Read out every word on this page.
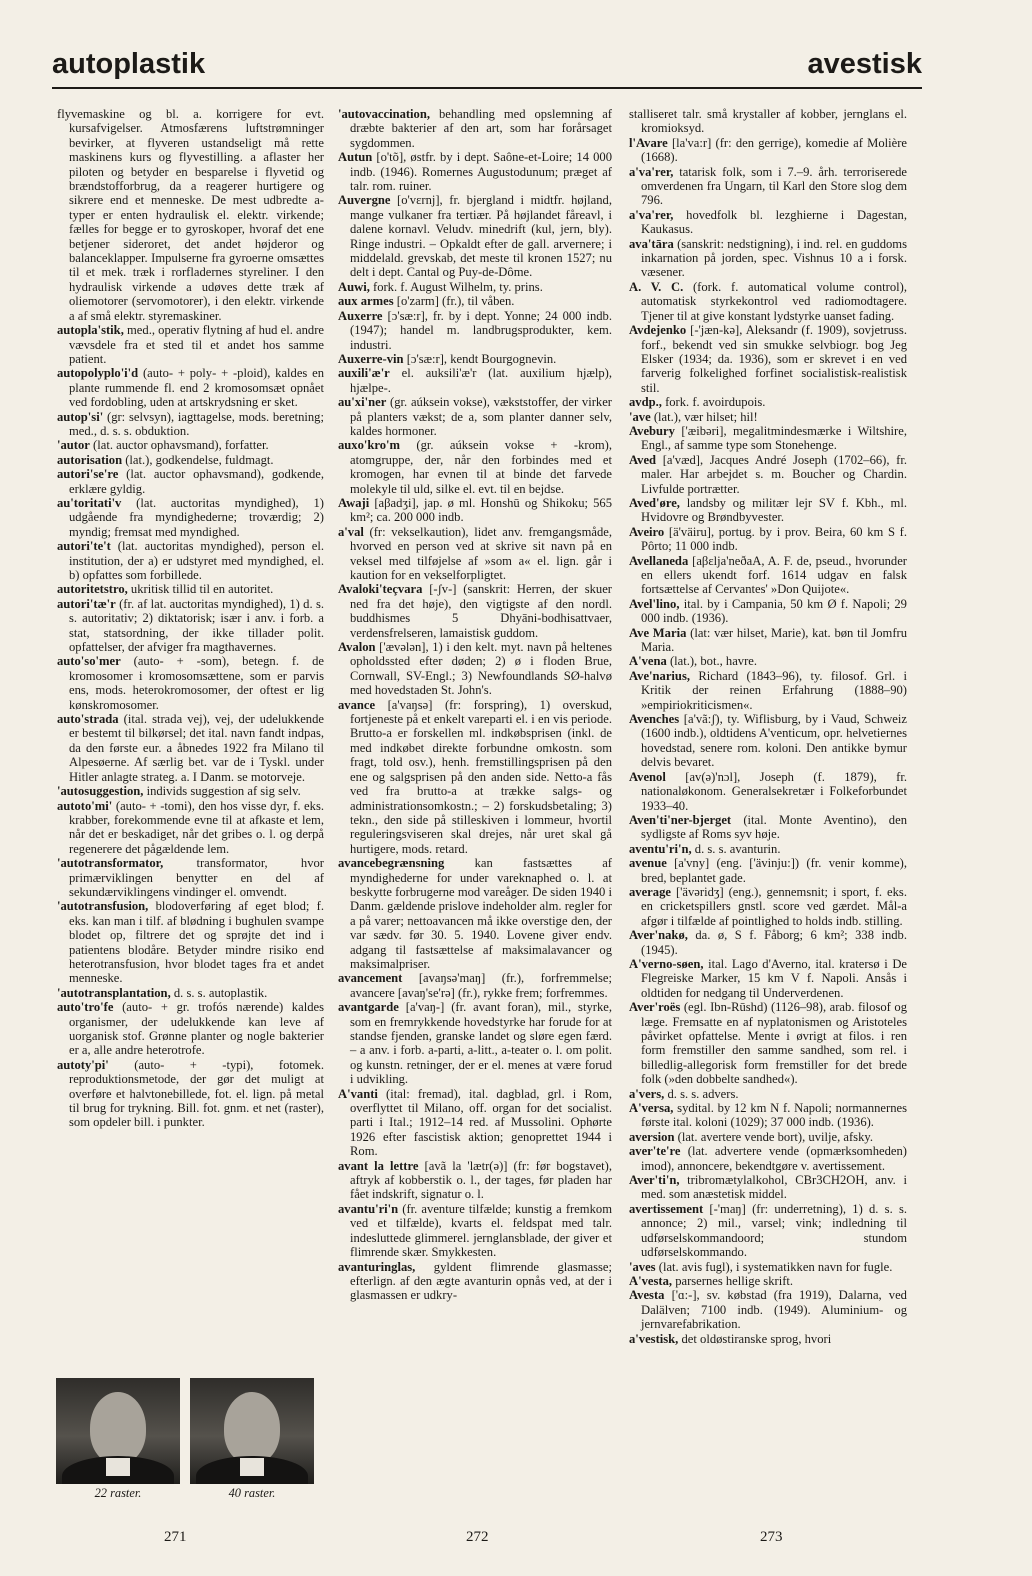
autoplastik	avestisk

flyvemaskine og bl. a. korrigere for evt. kursafvigelser. Atmosfærens luftstrømninger bevirker, at flyveren ustandseligt må rette maskinens kurs og flyvestilling. a aflaster her piloten og betyder en besparelse i flyvetid og brændstofforbrug, da a reagerer hurtigere og sikrere end et menneske. De mest udbredte a-typer er enten hydraulisk el. elektr. virkende; fælles for begge er to gyroskoper, hvoraf det ene betjener sideroret, det andet højderor og balanceklapper. Impulserne fra gyroerne omsættes til et mek. træk i rorfladernes styreliner. I den hydraulisk virkende a udøves dette træk af oliemotorer (servomotorer), i den elektr. virkende a af små elektr. styremaskiner.

autopla'stik, med., operativ flytning af hud el. andre vævsdele fra et sted til et andet hos samme patient.

autopolyplo'i'd (auto- + poly- + -ploid), kaldes en plante rummende fl. end 2 kromosomsæt opnået ved fordobling, uden at artskrydsning er sket.

autop'si' (gr: selvsyn), iagttagelse, mods. beretning; med., d. s. s. obduktion.

'autor (lat. auctor ophavsmand), forfatter.

autorisation (lat.), godkendelse, fuldmagt.

autori'se're (lat. auctor ophavsmand), godkende, erklære gyldig.

au'toritati'v (lat. auctoritas myndighed), 1) udgående fra myndighederne; troværdig; 2) myndig; fremsat med myndighed.

autori'te't (lat. auctoritas myndighed), person el. institution, der a) er udstyret med myndighed, el. b) opfattes som forbillede.

autoritetstro, ukritisk tillid til en autoritet.

autori'tæ'r (fr. af lat. auctoritas myndighed), 1) d. s. s. autoritativ; 2) diktatorisk; især i anv. i forb. a stat, statsordning, der ikke tillader polit. opfattelser, der afviger fra magthavernes.

auto'so'mer (auto- + -som), betegn. f. de kromosomer i kromosomsættene, som er parvis ens, mods. heterokromosomer, der oftest er lig kønskromosomer.

auto'strada (ital. strada vej), vej, der udelukkende er bestemt til bilkørsel; det ital. navn fandt indpas, da den første eur. a åbnedes 1922 fra Milano til Alpesøerne. Af særlig bet. var de i Tyskl. under Hitler anlagte strateg. a. I Danm. se motorveje.

'autosuggestion, individs suggestion af sig selv.

autoto'mi' (auto- + -tomi), den hos visse dyr, f. eks. krabber, forekommende evne til at afkaste et lem, når det er beskadiget, når det gribes o. l. og derpå regenerere det pågældende lem.

'autotransformator,	transformator, hvor primærviklingen benytter en del af sekundærviklingens vindinger el. omvendt.

'autotransfusion, blodoverføring af eget blod; f. eks. kan man i tilf. af blødning i bughulen svampe blodet op, filtrere det og sprøjte det ind i patientens blodåre. Betyder mindre risiko end heterotransfusion, hvor blodet tages fra et andet menneske.

'autotransplantation, d. s. s. autoplastik.

auto'tro'fe (auto- + gr. trofós nærende) kaldes organismer, der udelukkende kan leve af uorganisk stof. Grønne planter og nogle bakterier er a, alle andre heterotrofe.

autoty'pi' (auto- + -typi), fotomek. reproduktionsmetode, der gør det muligt at overføre et halvtonebillede, fot. el. lign. på metal til brug for trykning. Bill. fot. gnm. et net (raster), som opdeler bill. i punkter.

'autovaccination, behandling med opslemning af dræbte bakterier af den art, som har forårsaget sygdommen.

Autun [o'tõ], østfr. by i dept. Saône-et-Loire; 14 000 indb. (1946). Romernes Augustodunum; præget af talr. rom. ruiner.

Auvergne [o'vɛrnj], fr. bjergland i midtfr. højland, mange vulkaner fra tertiær. På højlandet fåreavl, i dalene kornavl. Veludv. minedrift (kul, jern, bly). Ringe industri. – Opkaldt efter de gall. arvernere; i middelald. grevskab, det meste til kronen 1527; nu delt i dept. Cantal og Puy-de-Dôme.

Auwi, fork. f. August Wilhelm, ty. prins.

aux armes [o'zarm] (fr.), til våben.

Auxerre [ɔ'sæ:r], fr. by i dept. Yonne; 24 000 indb. (1947); handel m. landbrugsprodukter, kem. industri.

Auxerre-vin [ɔ'sæ:r], kendt Bourgognevin.

auxili'æ'r el. auksili'æ'r (lat. auxilium hjælp), hjælpe-.

au'xi'ner (gr. aúksein vokse), vækststoffer, der virker på planters vækst; de a, som planter danner selv, kaldes hormoner.

auxo'kro'm (gr. aúksein vokse + -krom), atomgruppe, der, når den forbindes med et kromogen, har evnen til at binde det farvede molekyle til uld, silke el. evt. til en bejdse.

Awaji [aβadʒi], jap. ø ml. Honshū og Shikoku; 565 km²; ca. 200 000 indb.

a'val (fr: vekselkaution), lidet anv. fremgangsmåde, hvorved en person ved at skrive sit navn på en veksel med tilføjelse af »som a« el. lign. går i kaution for en vekselforpligtet.

Avaloki'teçvara [-ʃv-] (sanskrit: Herren, der skuer ned fra det høje), den vigtigste af den nordl. buddhismes 5 Dhyāni-bodhisattvaer, verdensfrelseren, lamaistisk guddom.

Avalon ['ævələn], 1) i den kelt. myt. navn på heltenes opholdssted efter døden; 2) ø i floden Brue, Cornwall, SV-Engl.; 3) Newfoundlands SØ-halvø med hovedstaden St. John's.

avance [a'vaŋsə] (fr: forspring), 1) overskud, fortjeneste på et enkelt vareparti el. i en vis periode. Brutto-a er forskellen ml. indkøbsprisen (inkl. de med indkøbet direkte forbundne omkostn. som fragt, told osv.), henh. fremstillingsprisen på den ene og salgsprisen på den anden side. Netto-a fås ved fra brutto-a at trække salgs- og administrationsomkostn.; – 2) forskudsbetaling; 3) tekn., den side på stilleskiven i lommeur, hvortil reguleringsviseren skal drejes, når uret skal gå hurtigere, mods. retard.

avancebegrænsning kan fastsættes af myndighederne for under vareknaphed o. l. at beskytte forbrugerne mod vareåger. De siden 1940 i Danm. gældende prislove indeholder alm. regler for a på varer; nettoavancen må ikke overstige den, der var sædv. før 30. 5. 1940. Lovene giver endv. adgang til fastsættelse af maksimalavancer og maksimalpriser.

avancement [avaŋsə'maŋ] (fr.), forfremmelse; avancere [avaŋ'se'rə] (fr.), rykke frem; forfremmes.

avantgarde [a'vaŋ-] (fr. avant foran), mil., styrke, som en fremrykkende hovedstyrke har forude for at standse fjenden, granske landet og sløre egen færd. – a anv. i forb. a-parti, a-litt., a-teater o. l. om polit. og kunstn. retninger, der er el. menes at være forud i udvikling.

A'vanti (ital: fremad), ital. dagblad, grl. i Rom, overflyttet til Milano, off. organ for det socialist. parti i Ital.; 1912–14 red. af Mussolini. Ophørte 1926 efter fascistisk aktion; genoprettet 1944 i Rom.

avant la lettre [avã la 'lætr(ə)] (fr: før bogstavet), aftryk af kobberstik o. l., der tages, før pladen har fået indskrift, signatur o. l.

avantu'ri'n (fr. aventure tilfælde; kunstig a fremkom ved et tilfælde), kvarts el. feldspat med talr. indesluttede glimmerel. jernglansblade, der giver et flimrende skær. Smykkesten.

avanturinglas, gyldent flimrende glasmasse; efterlign. af den ægte avanturin opnås ved, at der i glasmassen er udkry-

stalliseret talr. små krystaller af kobber, jernglans el. kromioksyd.

l'Avare [la'va:r] (fr: den gerrige), komedie af Molière (1668).

a'va'rer, tatarisk folk, som i 7.–9. årh. terroriserede omverdenen fra Ungarn, til Karl den Store slog dem 796.

a'va'rer, hovedfolk bl. lezghierne i Dagestan, Kaukasus.

ava'tāra (sanskrit: nedstigning), i ind. rel. en guddoms inkarnation på jorden, spec. Vishnus 10 a i forsk. væsener.

A. V. C. (fork. f. automatical volume control), automatisk styrkekontrol ved radiomodtagere. Tjener til at give konstant lydstyrke uanset fading.

Avdejenko [-'jæn-kə], Aleksandr (f. 1909), sovjetruss. forf., bekendt ved sin smukke selvbiogr. bog Jeg Elsker (1934; da. 1936), som er skrevet i en ved farverig folkelighed forfinet socialistisk-realistisk stil.

avdp., fork. f. avoirdupois.

'ave (lat.), vær hilset; hil!

Avebury ['æibəri], megalitmindesmærke i Wiltshire, Engl., af samme type som Stonehenge.

Aved [a'væd], Jacques André Joseph (1702–66), fr. maler. Har arbejdet s. m. Boucher og Chardin. Livfulde portrætter.

Aved'øre, landsby og militær lejr SV f. Kbh., ml. Hvidovre og Brøndbyvester.

Aveiro [ä'väiru], portug. by i prov. Beira, 60 km S f. Pôrto; 11 000 indb.

Avellaneda [aβɛlja'neðaA, A. F. de, pseud., hvorunder en ellers ukendt forf. 1614 udgav en falsk fortsættelse af Cervantes' »Don Quijote«.

Avel'lino, ital. by i Campania, 50 km Ø f. Napoli; 29 000 indb. (1936).

Ave Maria (lat: vær hilset, Marie), kat. bøn til Jomfru Maria.

A'vena (lat.), bot., havre.

Ave'narius, Richard (1843–96), ty. filosof. Grl. i Kritik der reinen Erfahrung (1888–90) »empiriokriticismen«.

Avenches [a'vã:ʃ), ty. Wiflisburg, by i Vaud, Schweiz (1600 indb.), oldtidens A'venticum, opr. helvetiernes hovedstad, senere rom. koloni. Den antikke bymur delvis bevaret.

Avenol [av(ə)'nɔl], Joseph (f. 1879), fr. nationaløkonom. Generalsekretær i Folkeforbundet 1933–40.

Aven'ti'ner-bjerget (ital. Monte Aventino), den sydligste af Roms syv høje.

aventu'ri'n, d. s. s. avanturin.

avenue [a'vny] (eng. ['ävinju:]) (fr. venir komme), bred, beplantet gade.

average ['ävəridʒ] (eng.), gennemsnit; i sport, f. eks. en cricketspillers gnstl. score ved gærdet. Mål-a afgør i tilfælde af pointlighed to holds indb. stilling.

Aver'nakø, da. ø, S f. Fåborg; 6 km²; 338 indb. (1945).

A'verno-søen, ital. Lago d'Averno, ital. kratersø i De Flegreiske Marker, 15 km V f. Napoli. Ansås i oldtiden for nedgang til Underverdenen.

Aver'roës (egl. Ibn-Rūshd) (1126–98), arab. filosof og læge. Fremsatte en af nyplatonismen og Aristoteles påvirket opfattelse. Mente i øvrigt at filos. i ren form fremstiller den samme sandhed, som rel. i billedlig-allegorisk form fremstiller for det brede folk (»den dobbelte sandhed«).

a'vers, d. s. s. advers.

A'versa, sydital. by 12 km N f. Napoli; normannernes første ital. koloni (1029); 37 000 indb. (1936).

aversion (lat. avertere vende bort), uvilje, afsky.

aver'te're (lat. advertere vende (opmærksomheden) imod), annoncere, bekendtgøre v. avertissement.

Aver'ti'n, tribromætylalkohol, CBr3CH2OH, anv. i med. som anæstetisk middel.

avertissement [-'maŋ] (fr: underretning), 1) d. s. s. annonce; 2) mil., varsel; vink; indledning til udførselskommandoord; stundom udførselskommando.

'aves (lat. avis fugl), i systematikken navn for fugle.

A'vesta, parsernes hellige skrift.

Avesta ['ɑ:-], sv. købstad (fra 1919), Dalarna, ved Dalälven; 7100 indb. (1949). Aluminium- og jernvarefabrikation.

a'vestisk, det oldøstiranske sprog, hvori

22 raster.	40 raster.
271	272	273
